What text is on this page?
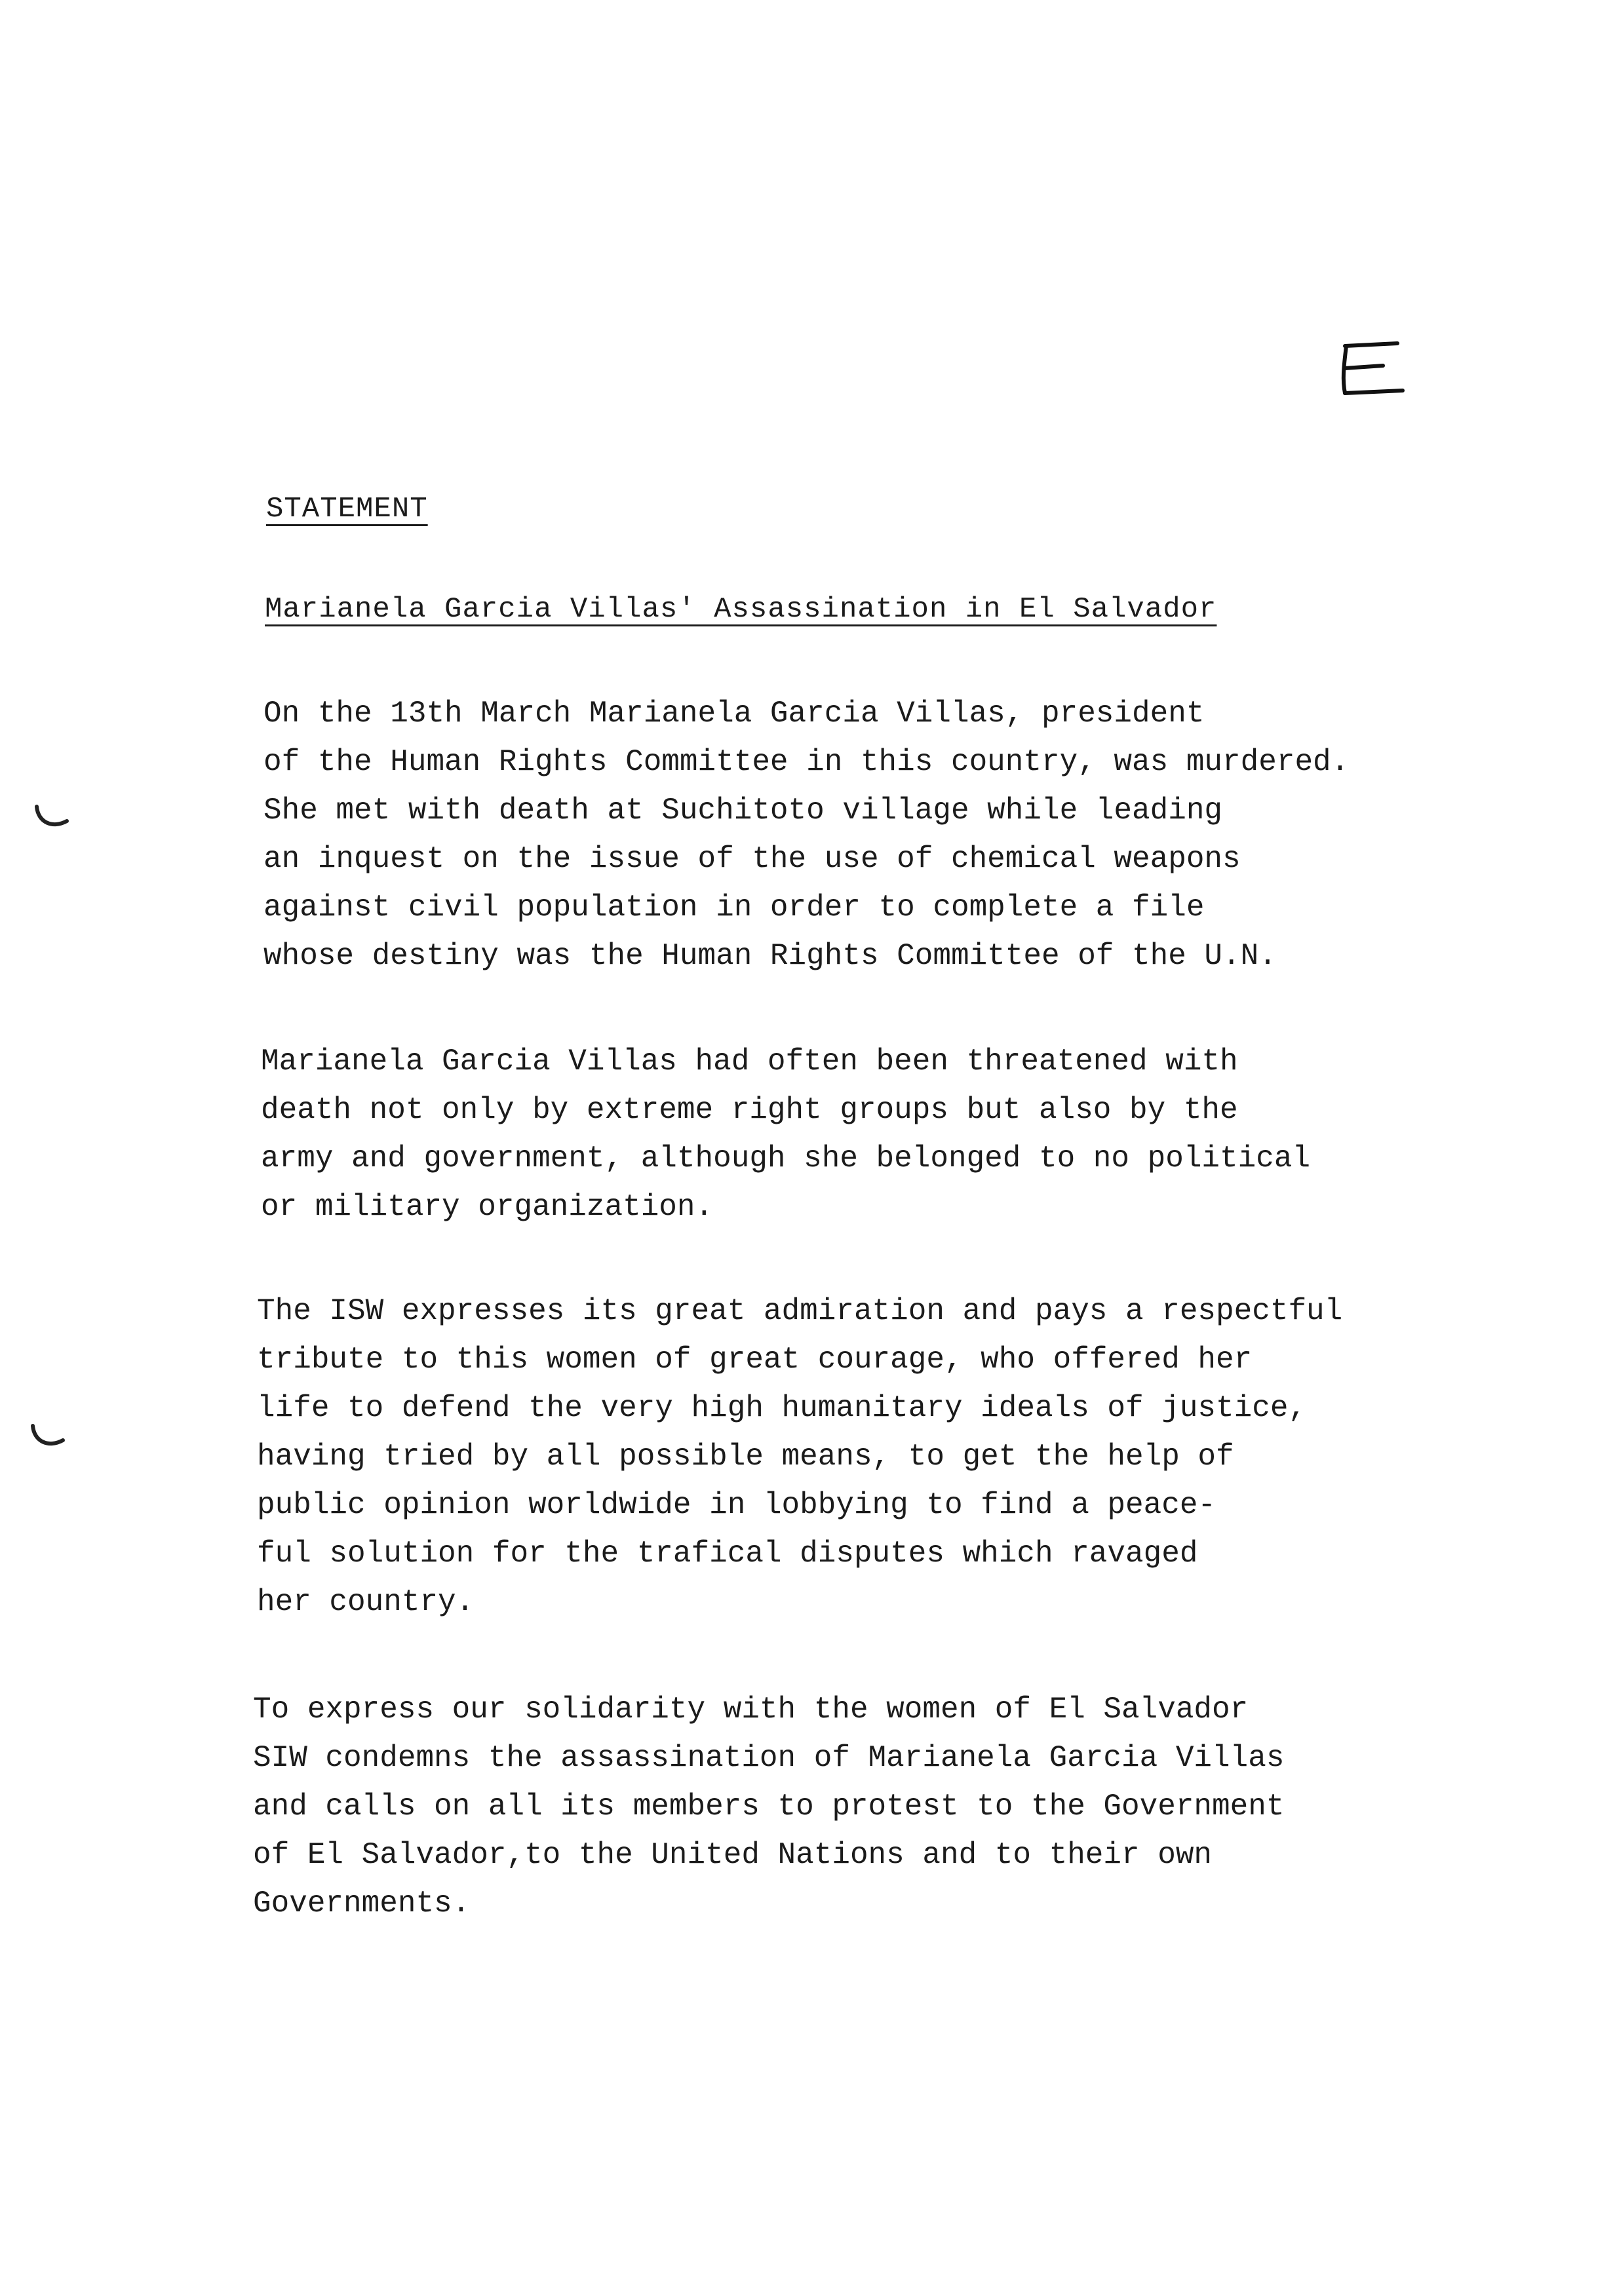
STATEMENT
Marianela Garcia Villas' Assassination in El Salvador
On the 13th March Marianela Garcia Villas, president
of the Human Rights Committee in this country, was murdered.
She met with death at Suchitoto village while leading
an inquest on the issue of the use of chemical weapons
against civil population in order to complete a file
whose destiny was the Human Rights Committee of the U.N.
Marianela Garcia Villas had often been threatened with
death not only by extreme right groups but also by the
army and government, although she belonged to no political
or military organization.
The ISW expresses its great admiration and pays a respectful
tribute to this women of great courage, who offered her
life to defend the very high humanitary ideals of justice,
having tried by all possible means, to get the help of
public opinion worldwide in lobbying to find a peace-
ful solution for the trafical disputes which ravaged
her country.
To express our solidarity with the women of El Salvador
SIW condemns the assassination of Marianela Garcia Villas
and calls on all its members to protest to the Government
of El Salvador,to the United Nations and to their own
Governments.
